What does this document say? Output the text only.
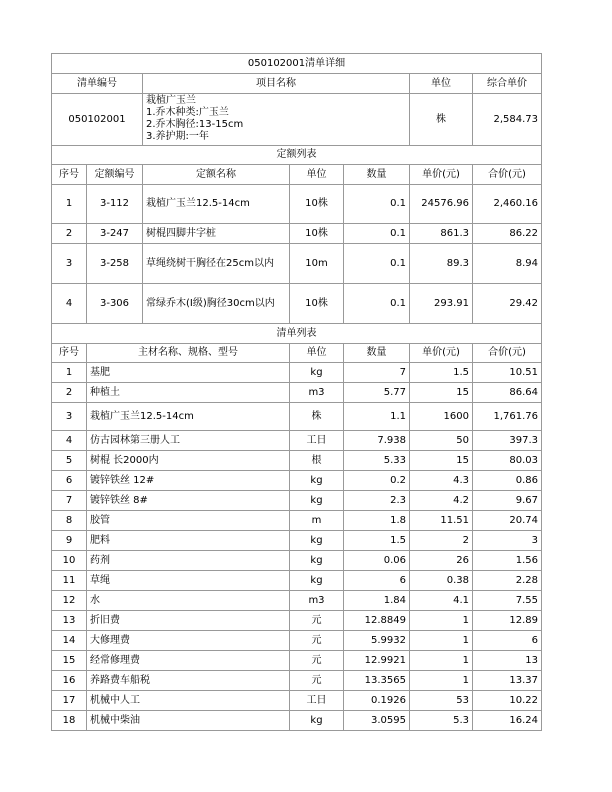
050102001清单详细						
清单编号		项目名称			单位	综合单价
050102001		栽植广玉兰
1.乔木种类:广玉兰
2.乔木胸径:13-15cm
3.养护期:一年			株	2,584.73
定额列表						
序号	定额编号	定额名称	单位	数量	单价(元)	合价(元)
1	3-112	栽植广玉兰12.5-14cm	10株	0.1	24576.96	2,460.16
2	3-247	树棍四脚井字桩	10株	0.1	861.3	86.22
3	3-258	草绳绕树干胸径在25cm以内	10m	0.1	89.3	8.94
4	3-306	常绿乔木(I级)胸径30cm以内	10株	0.1	293.91	29.42
清单列表						
序号	主材名称、规格、型号		单位	数量	单价(元)	合价(元)
1	基肥		kg	7	1.5	10.51
2	种植土		m3	5.77	15	86.64
3	栽植广玉兰12.5-14cm		株	1.1	1600	1,761.76
4	仿古园林第三册人工		工日	7.938	50	397.3
5	树棍 长2000内		根	5.33	15	80.03
6	镀锌铁丝 12#		kg	0.2	4.3	0.86
7	镀锌铁丝 8#		kg	2.3	4.2	9.67
8	胶管		m	1.8	11.51	20.74
9	肥料		kg	1.5	2	3
10	药剂		kg	0.06	26	1.56
11	草绳		kg	6	0.38	2.28
12	水		m3	1.84	4.1	7.55
13	折旧费		元	12.8849	1	12.89
14	大修理费		元	5.9932	1	6
15	经常修理费		元	12.9921	1	13
16	养路费车船税		元	13.3565	1	13.37
17	机械中人工		工日	0.1926	53	10.22
18	机械中柴油		kg	3.0595	5.3	16.24
